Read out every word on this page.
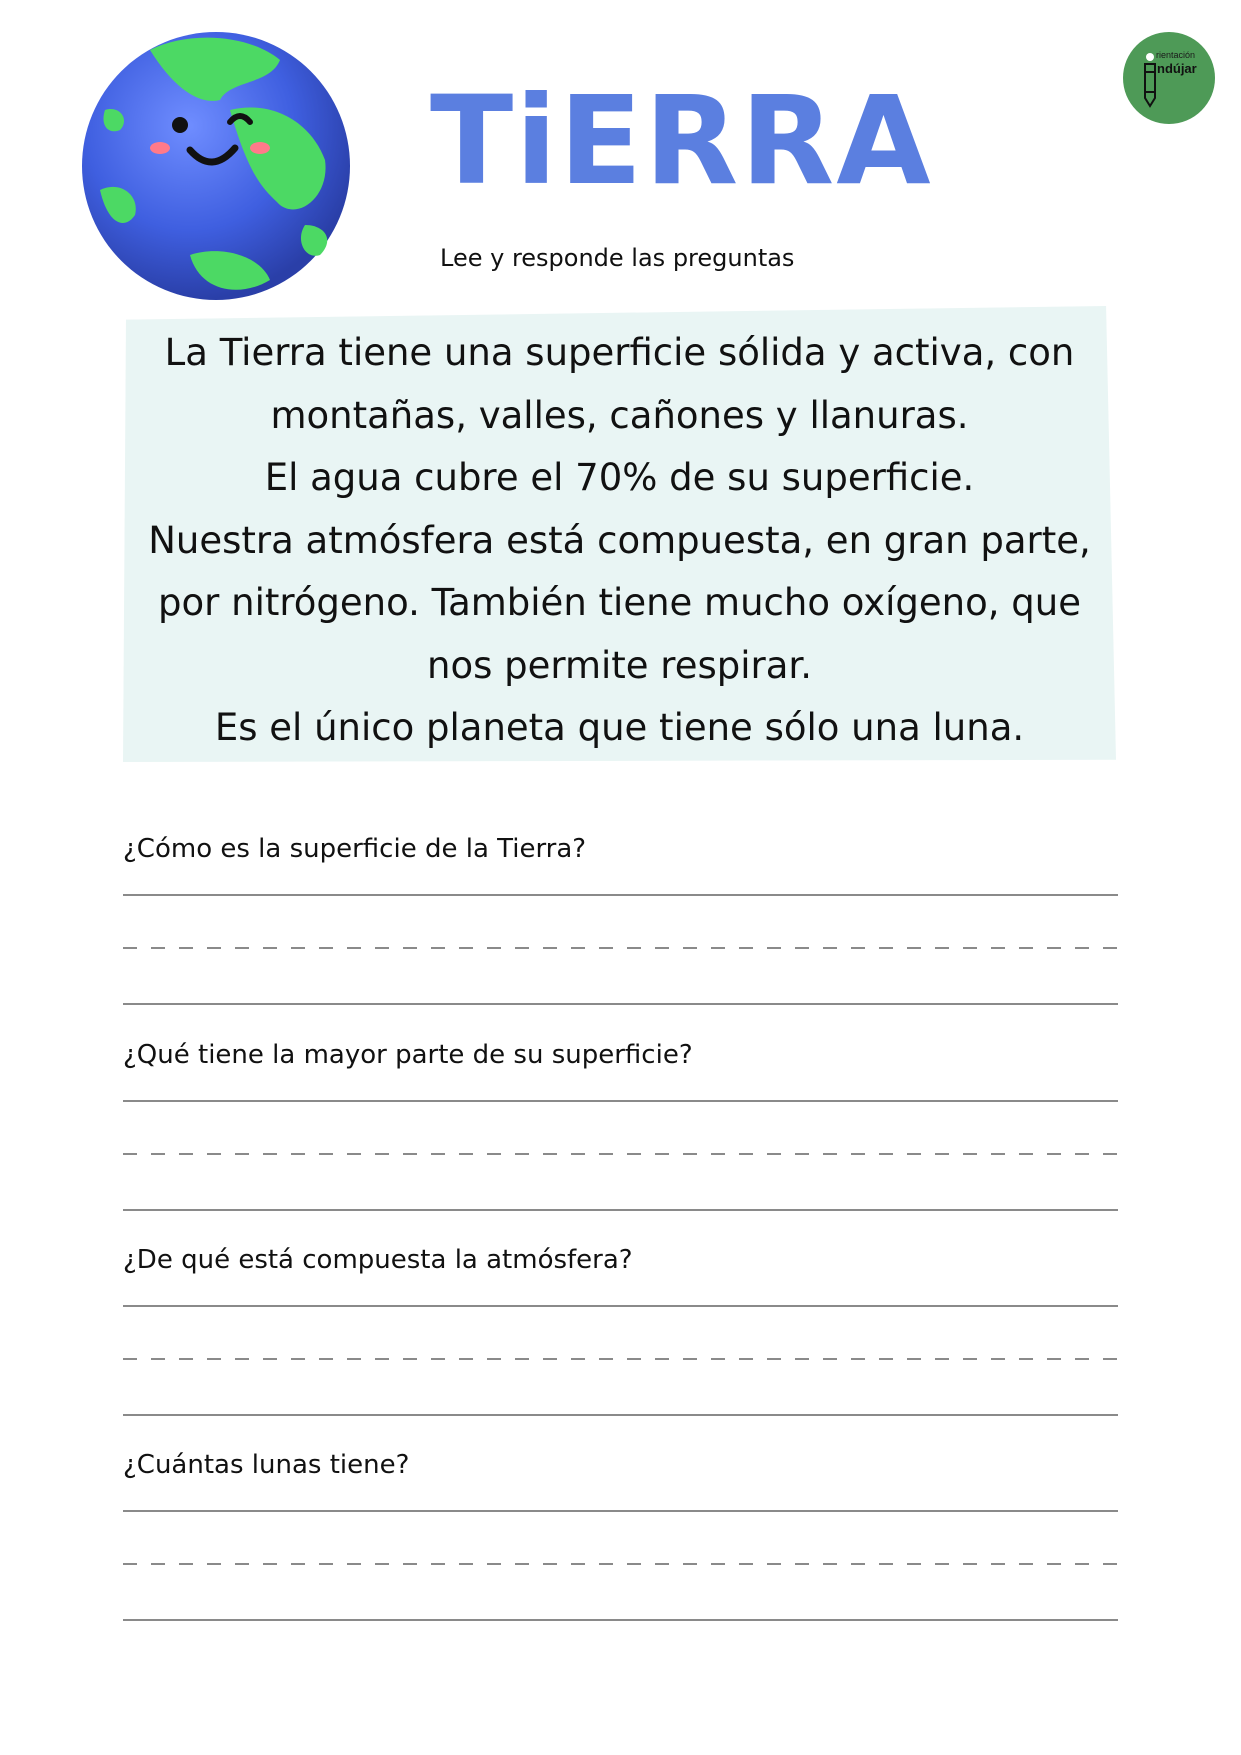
rientación
ndújar
TiERRA
Lee y responde las preguntas
La Tierra tiene una superficie sólida y activa, con
montañas, valles, cañones y llanuras.
El agua cubre el 70% de su superficie.
Nuestra atmósfera está compuesta, en gran parte,
por nitrógeno. También tiene mucho oxígeno, que
nos permite respirar.
Es el único planeta que tiene sólo una luna.
¿Cómo es la superficie de la Tierra?
¿Qué tiene la mayor parte de su superficie?
¿De qué está compuesta la atmósfera?
¿Cuántas lunas tiene?
